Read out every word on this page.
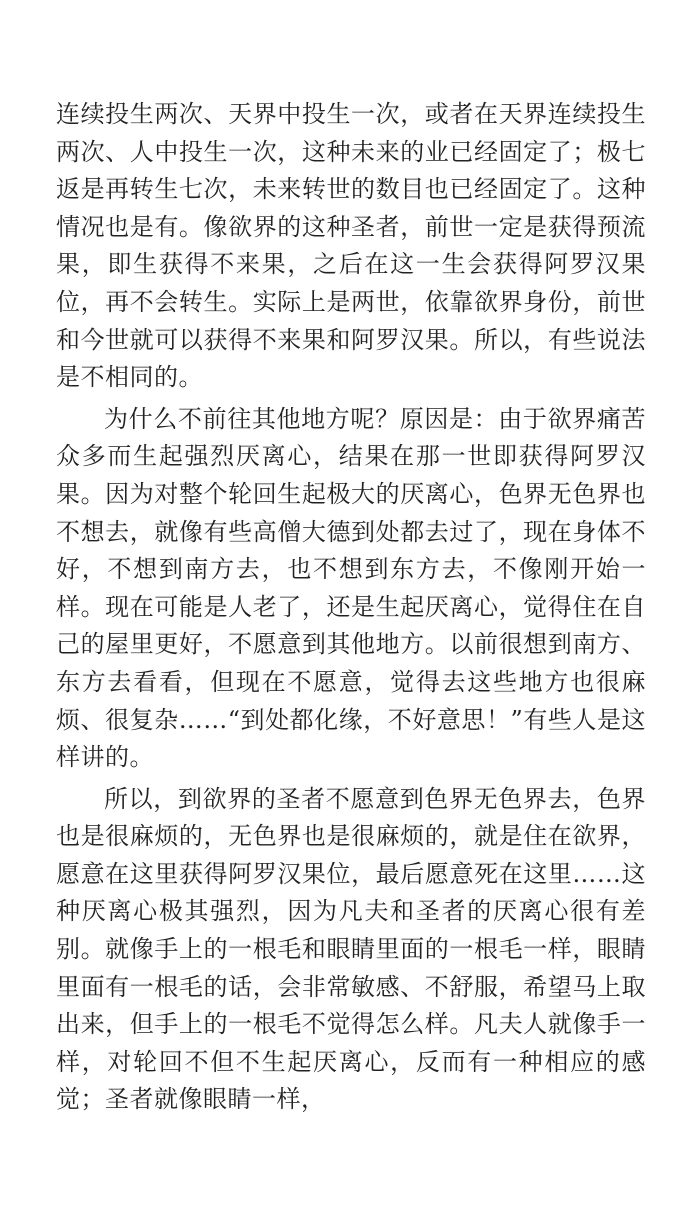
连续投生两次、天界中投生一次，或者在天界连续投生两次、人中投生一次，这种未来的业已经固定了；极七返是再转生七次，未来转世的数目也已经固定了。这种情况也是有。像欲界的这种圣者，前世一定是获得预流果，即生获得不来果，之后在这一生会获得阿罗汉果位，再不会转生。实际上是两世，依靠欲界身份，前世和今世就可以获得不来果和阿罗汉果。所以，有些说法是不相同的。

为什么不前往其他地方呢？原因是：由于欲界痛苦众多而生起强烈厌离心，结果在那一世即获得阿罗汉果。因为对整个轮回生起极大的厌离心，色界无色界也不想去，就像有些高僧大德到处都去过了，现在身体不好，不想到南方去，也不想到东方去，不像刚开始一样。现在可能是人老了，还是生起厌离心，觉得住在自己的屋里更好，不愿意到其他地方。以前很想到南方、东方去看看，但现在不愿意，觉得去这些地方也很麻烦、很复杂……“到处都化缘，不好意思！”有些人是这样讲的。

所以，到欲界的圣者不愿意到色界无色界去，色界也是很麻烦的，无色界也是很麻烦的，就是住在欲界，愿意在这里获得阿罗汉果位，最后愿意死在这里……这种厌离心极其强烈，因为凡夫和圣者的厌离心很有差别。就像手上的一根毛和眼睛里面的一根毛一样，眼睛里面有一根毛的话，会非常敏感、不舒服，希望马上取出来，但手上的一根毛不觉得怎么样。凡夫人就像手一样，对轮回不但不生起厌离心，反而有一种相应的感觉；圣者就像眼睛一样，
